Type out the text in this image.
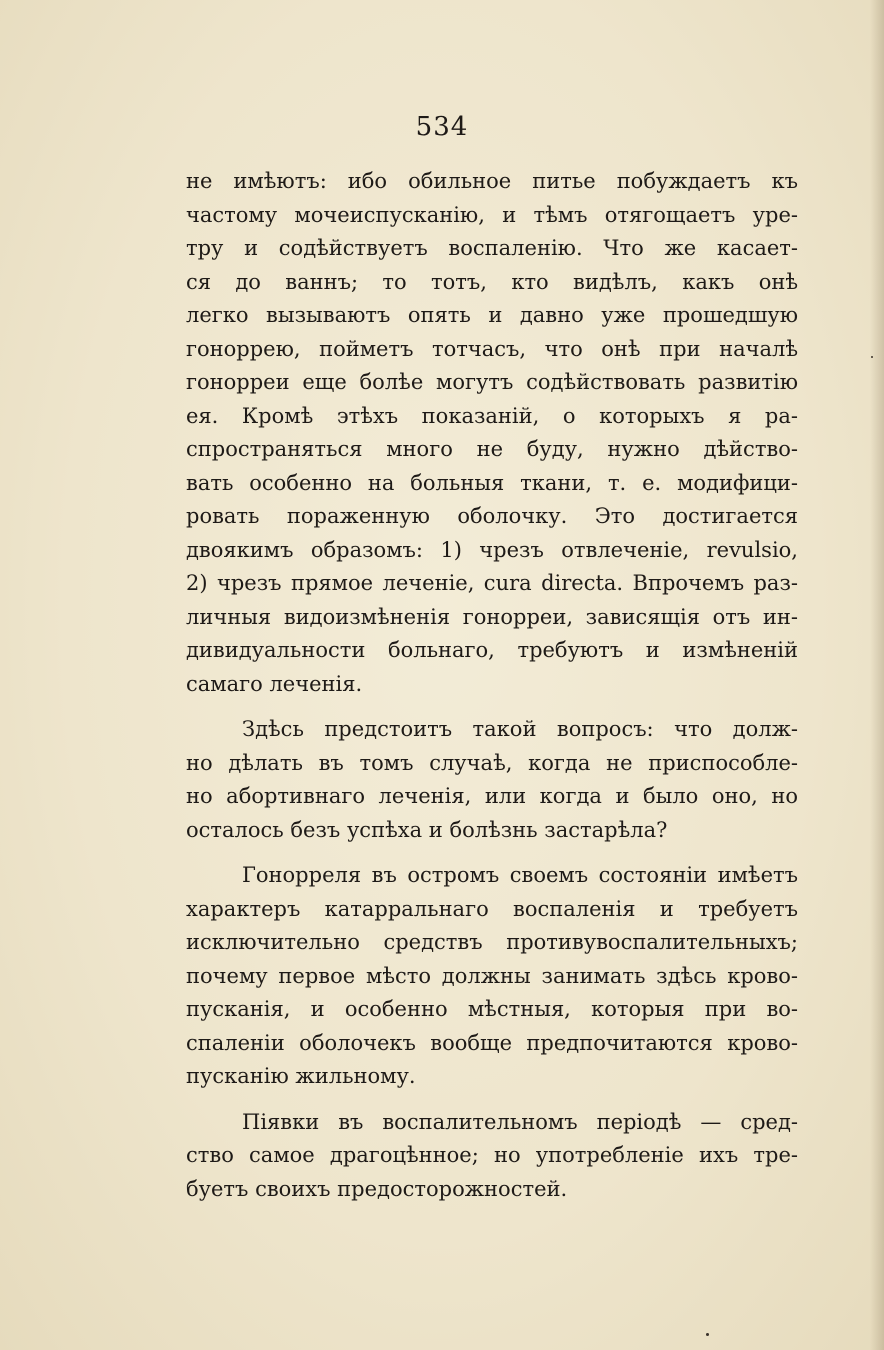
534
не имѣютъ: ибо обильное питье побуждаетъ къ
частому мочеиспусканію, и тѣмъ отягощаетъ уре-
тру и содѣйствуетъ воспаленію. Что же касает-
ся до ваннъ; то тотъ, кто видѣлъ, какъ онѣ
легко вызываютъ опять и давно уже прошедшую
гоноррею, пойметъ тотчасъ, что онѣ при началѣ
гонорреи еще болѣе могутъ содѣйствовать развитію
ея. Кромѣ этѣхъ показаній, о которыхъ я ра-
спространяться много не буду, нужно дѣйство-
вать особенно на больныя ткани, т. е. модифици-
ровать пораженную оболочку. Это достигается
двоякимъ образомъ: 1) чрезъ отвлеченіе, revulsio,
2) чрезъ прямое леченіе, cura directa. Впрочемъ раз-
личныя видоизмѣненія гонорреи, зависящія отъ ин-
дивидуальности больнаго, требуютъ и измѣненій
самаго леченія.
Здѣсь предстоитъ такой вопросъ: что долж-
но дѣлать въ томъ случаѣ, когда не приспособле-
но абортивнаго леченія, или когда и было оно, но
осталось безъ успѣха и болѣзнь застарѣла?
Гонорреля въ остромъ своемъ состояніи имѣетъ
характеръ катарральнаго воспаленія и требуетъ
исключительно средствъ противувоспалительныхъ;
почему первое мѣсто должны занимать здѣсь крово-
пусканія, и особенно мѣстныя, которыя при во-
спаленіи оболочекъ вообще предпочитаются крово-
пусканію жильному.
Піявки въ воспалительномъ періодѣ — сред-
ство самое драгоцѣнное; но употребленіе ихъ тре-
буетъ своихъ предосторожностей.
